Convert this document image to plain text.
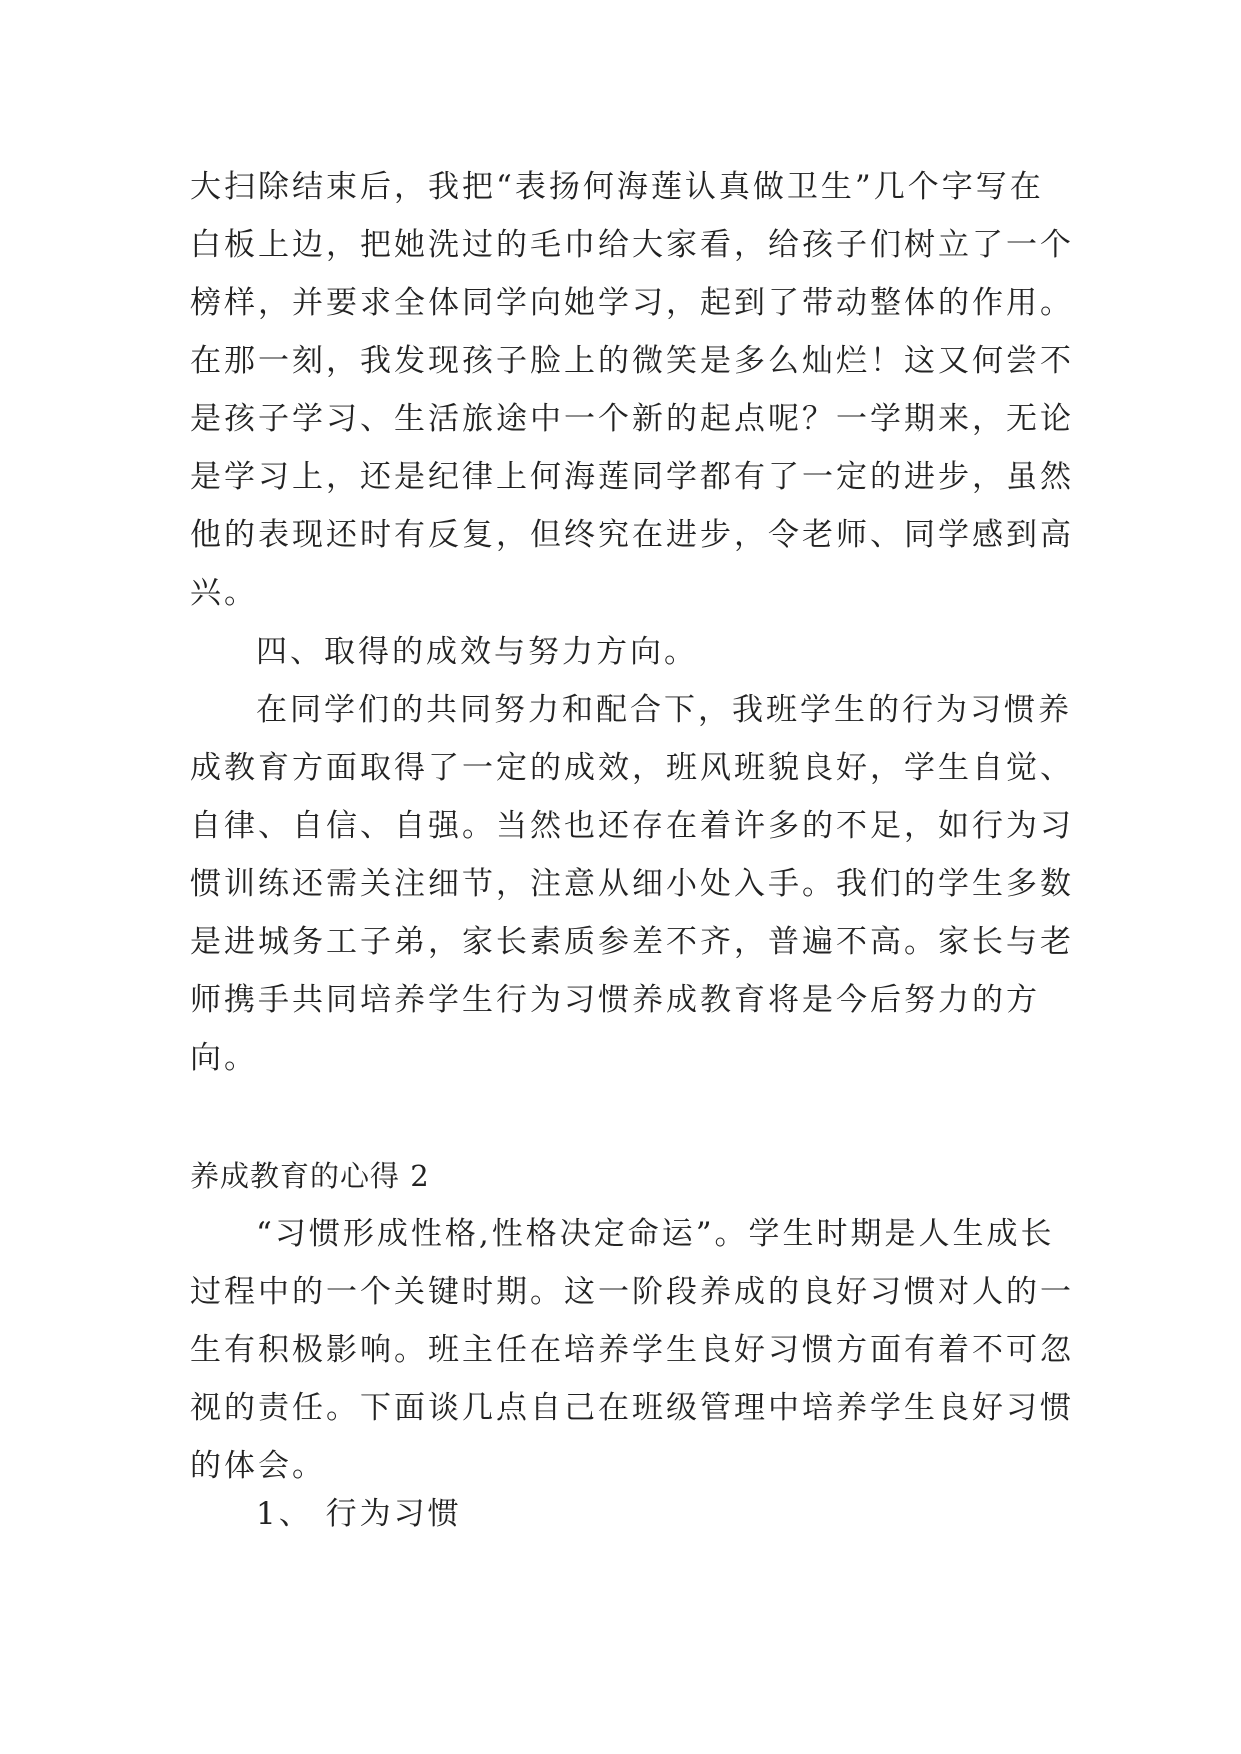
大扫除结束后，我把“表扬何海莲认真做卫生”几个字写在
白板上边，把她洗过的毛巾给大家看，给孩子们树立了一个
榜样，并要求全体同学向她学习，起到了带动整体的作用。
在那一刻，我发现孩子脸上的微笑是多么灿烂！这又何尝不
是孩子学习、生活旅途中一个新的起点呢？一学期来，无论
是学习上，还是纪律上何海莲同学都有了一定的进步，虽然
他的表现还时有反复，但终究在进步，令老师、同学感到高
兴。
四、取得的成效与努力方向。
在同学们的共同努力和配合下，我班学生的行为习惯养
成教育方面取得了一定的成效，班风班貌良好，学生自觉、
自律、自信、自强。当然也还存在着许多的不足，如行为习
惯训练还需关注细节，注意从细小处入手。我们的学生多数
是进城务工子弟，家长素质参差不齐，普遍不高。家长与老
师携手共同培养学生行为习惯养成教育将是今后努力的方
向。
养成教育的心得 2
“习惯形成性格,性格决定命运”。学生时期是人生成长
过程中的一个关键时期。这一阶段养成的良好习惯对人的一
生有积极影响。班主任在培养学生良好习惯方面有着不可忽
视的责任。下面谈几点自己在班级管理中培养学生良好习惯
的体会。
1、 行为习惯
